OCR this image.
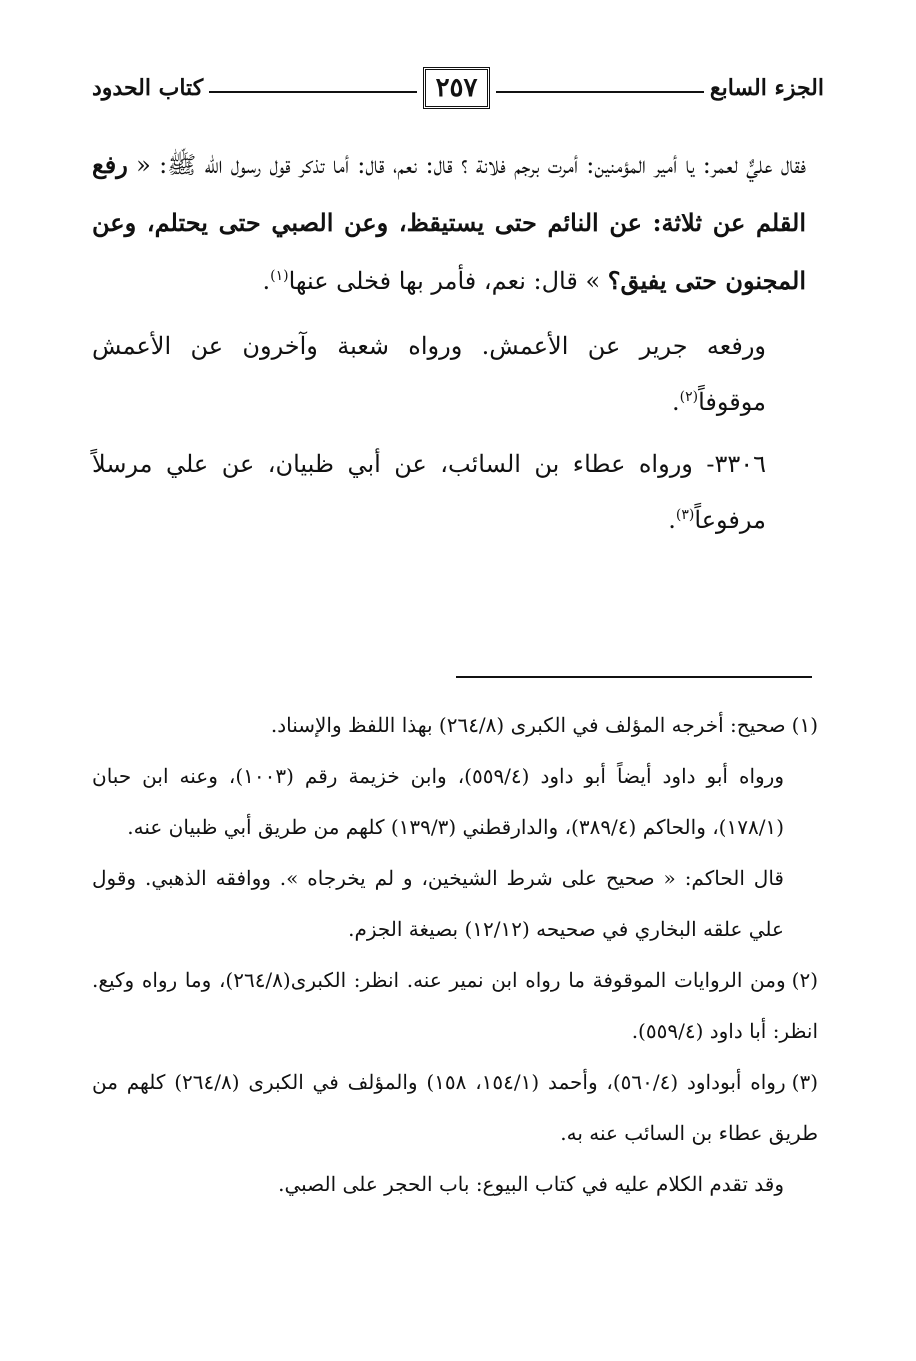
الجزء السابع
٢٥٧
كتاب الحدود

فقال عليٌّ لعمر: يا أمير المؤمنين: أمرت برجم فلانة ؟ قال: نعم، قال: أما تذكر قول رسول الله ﷺ: « رفع القلم عن ثلاثة: عن النائم حتى يستيقظ، وعن الصبي حتى يحتلم، وعن المجنون حتى يفيق؟ » قال: نعم، فأمر بها فخلى عنها$^{(١)}$.

ورفعه جرير عن الأعمش. ورواه شعبة وآخرون عن الأعمش موقوفاً$^{(٢)}$.

٣٣٠٦- ورواه عطاء بن السائب، عن أبي ظبيان، عن علي مرسلاً مرفوعاً$^{(٣)}$.

(١)صحيح: أخرجه المؤلف في الكبرى (٢٦٤/٨) بهذا اللفظ والإسناد.

ورواه أبو داود أيضاً أبو داود (٥٥٩/٤)، وابن خزيمة رقم (١٠٠٣)، وعنه ابن حبان (١٧٨/١)، والحاكم (٣٨٩/٤)، والدارقطني (١٣٩/٣) كلهم من طريق أبي ظبيان عنه.

قال الحاكم: « صحيح على شرط الشيخين، و لم يخرجاه ». ووافقه الذهبي. وقول علي علقه البخاري في صحيحه (١٢/١٢) بصيغة الجزم.

(٢)ومن الروايات الموقوفة ما رواه ابن نمير عنه. انظر: الكبرى(٢٦٤/٨)، وما رواه وكيع. انظر: أبا داود (٥٥٩/٤).

(٣)رواه أبوداود (٥٦٠/٤)، وأحمد (١٥٤/١، ١٥٨) والمؤلف في الكبرى (٢٦٤/٨) كلهم من طريق عطاء بن السائب عنه به.

وقد تقدم الكلام عليه في كتاب البيوع: باب الحجر على الصبي.
